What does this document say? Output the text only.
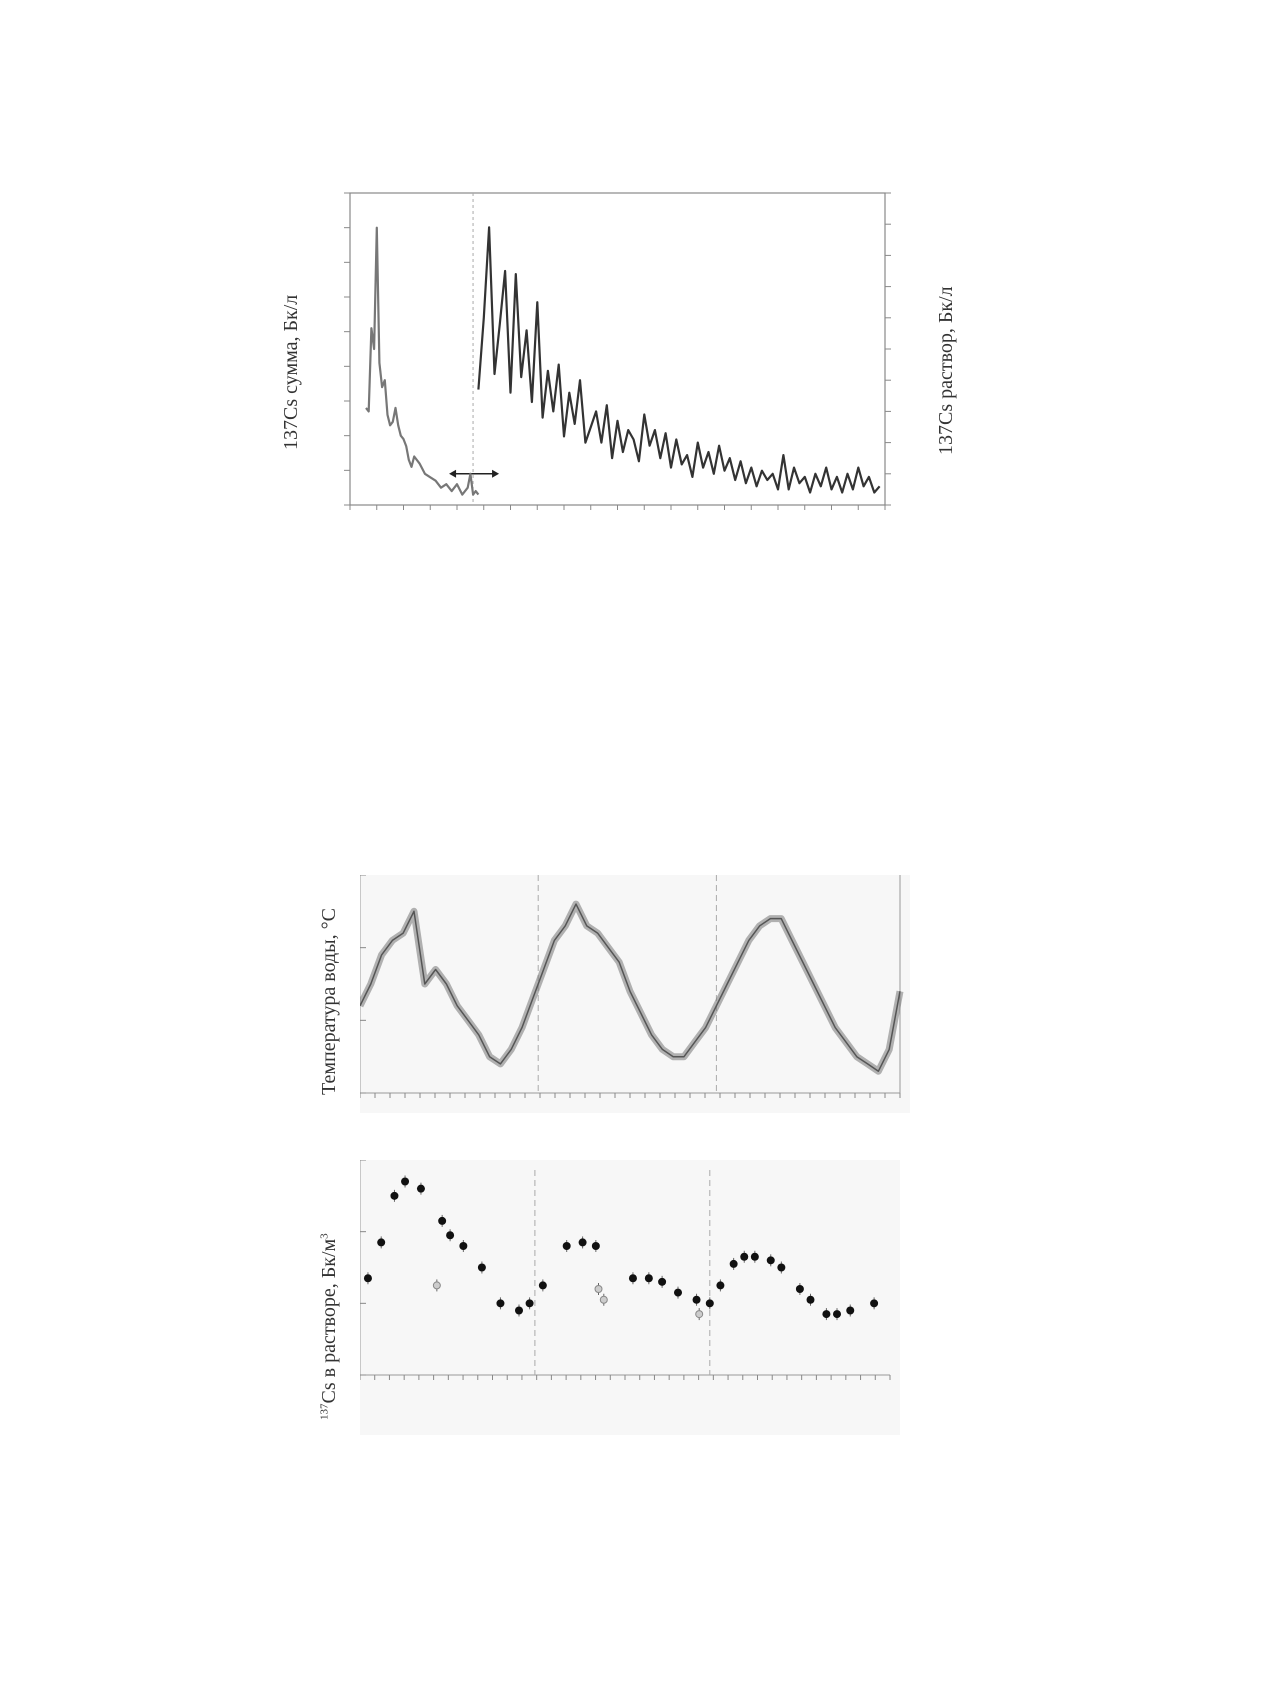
137Cs сумма, Бк/л	137Cs раствор, Бк/л
Температура воды, °С
$^{137}$Cs в растворе, $Бк/м^3$
